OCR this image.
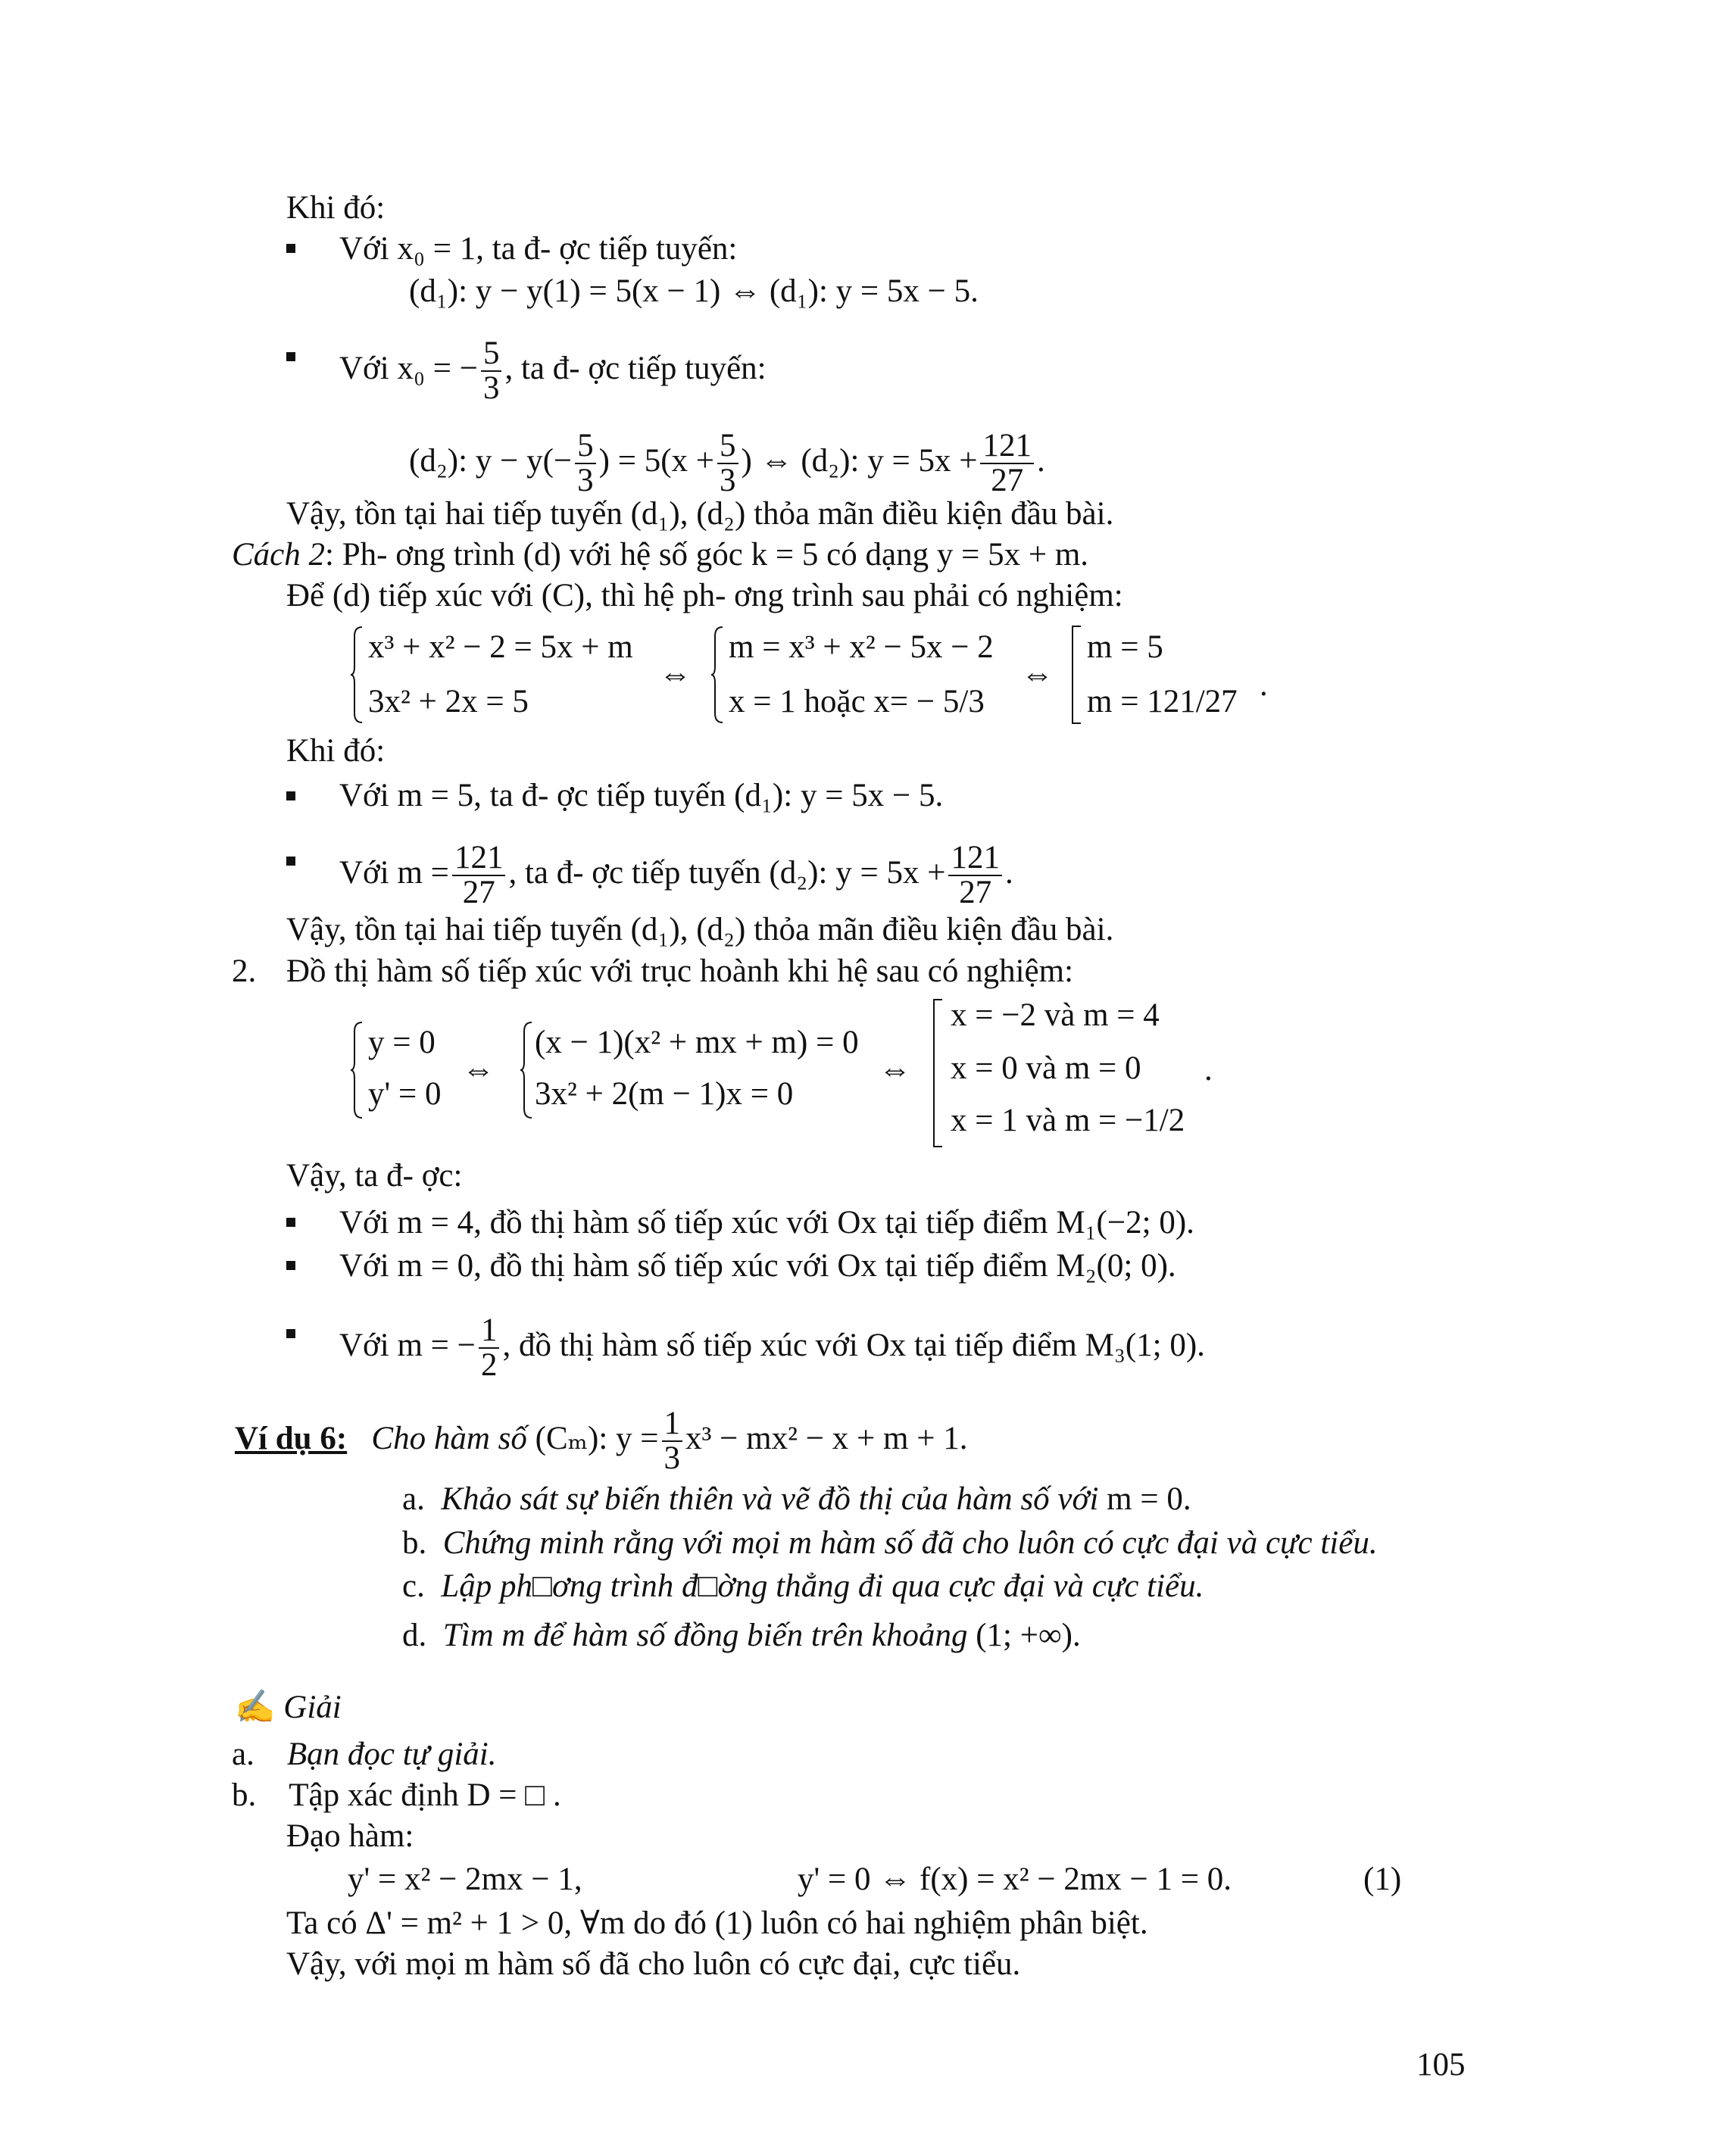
Khi đó:
Với x₀ = 1, ta đ- ợc tiếp tuyến:
(d₁): y − y(1) = 5(x − 1) ⇔ (d₁): y = 5x − 5.
Với x₀ = − $\frac{5}{3}$ , ta đ- ợc tiếp tuyến:
(d₂): $y - y(- \frac{5}{3}$ ) = $5(x + \frac{5}{3}$ ) ⇔ (d₂): $y = 5x + \frac{121}{27}$ .
Vậy, tồn tại hai tiếp tuyến (d₁), (d₂) thỏa mãn điều kiện đầu bài.
Cách 2: Ph- ơng trình (d) với hệ số góc k = 5 có dạng y = 5x + m.
Để (d) tiếp xúc với (C), thì hệ ph- ơng trình sau phải có nghiệm:
x³ + x² − 2 = 5x + m
3x² + 2x = 5
⇔
m = x³ + x² − 5x − 2
x = 1 hoặc x= − 5/3
⇔
m = 5
m = 121/27 .
Khi đó:
Với m = 5, ta đ- ợc tiếp tuyến (d₁): y = 5x − 5.
Với $m = \frac{121}{27}$ , ta đ- ợc tiếp tuyến (d₂): $y = 5x + \frac{121}{27}$ .
Vậy, tồn tại hai tiếp tuyến (d₁), (d₂) thỏa mãn điều kiện đầu bài.
2. Đồ thị hàm số tiếp xúc với trục hoành khi hệ sau có nghiệm:
y = 0
y' = 0
⇔
(x − 1)(x² + mx + m) = 0
3x² + 2(m − 1)x = 0
⇔
x = −2 và m = 4
x = 0 và m = 0
x = 1 và m = −1/2
.
Vậy, ta đ- ợc:
Với m = 4, đồ thị hàm số tiếp xúc với Ox tại tiếp điểm M₁(−2; 0).
Với m = 0, đồ thị hàm số tiếp xúc với Ox tại tiếp điểm M₂(0; 0).
Với m = − $\frac{1}{2}$ , đồ thị hàm số tiếp xúc với Ox tại tiếp điểm M₃(1; 0).
Ví dụ 6: Cho hàm số (Cₘ): $y = \frac{1}{3} x^3 - mx^2 - x + m + 1$.
a. Khảo sát sự biến thiên và vẽ đồ thị của hàm số với m = 0.
b. Chứng minh rằng với mọi m hàm số đã cho luôn có cực đại và cực tiểu.
c. Lập ph□ơng trình đ□ờng thẳng đi qua cực đại và cực tiểu.
d. Tìm m để hàm số đồng biến trên khoảng (1; +∞).
✍ Giải
a. Bạn đọc tự giải.
b. Tập xác định D = □ .
Đạo hàm:
y' = x² − 2mx − 1,	y' = 0 ⇔ f(x) = x² − 2mx − 1 = 0.	(1)
Ta có Δ' = m² + 1 > 0, ∀m do đó (1) luôn có hai nghiệm phân biệt.
Vậy, với mọi m hàm số đã cho luôn có cực đại, cực tiểu.
105
